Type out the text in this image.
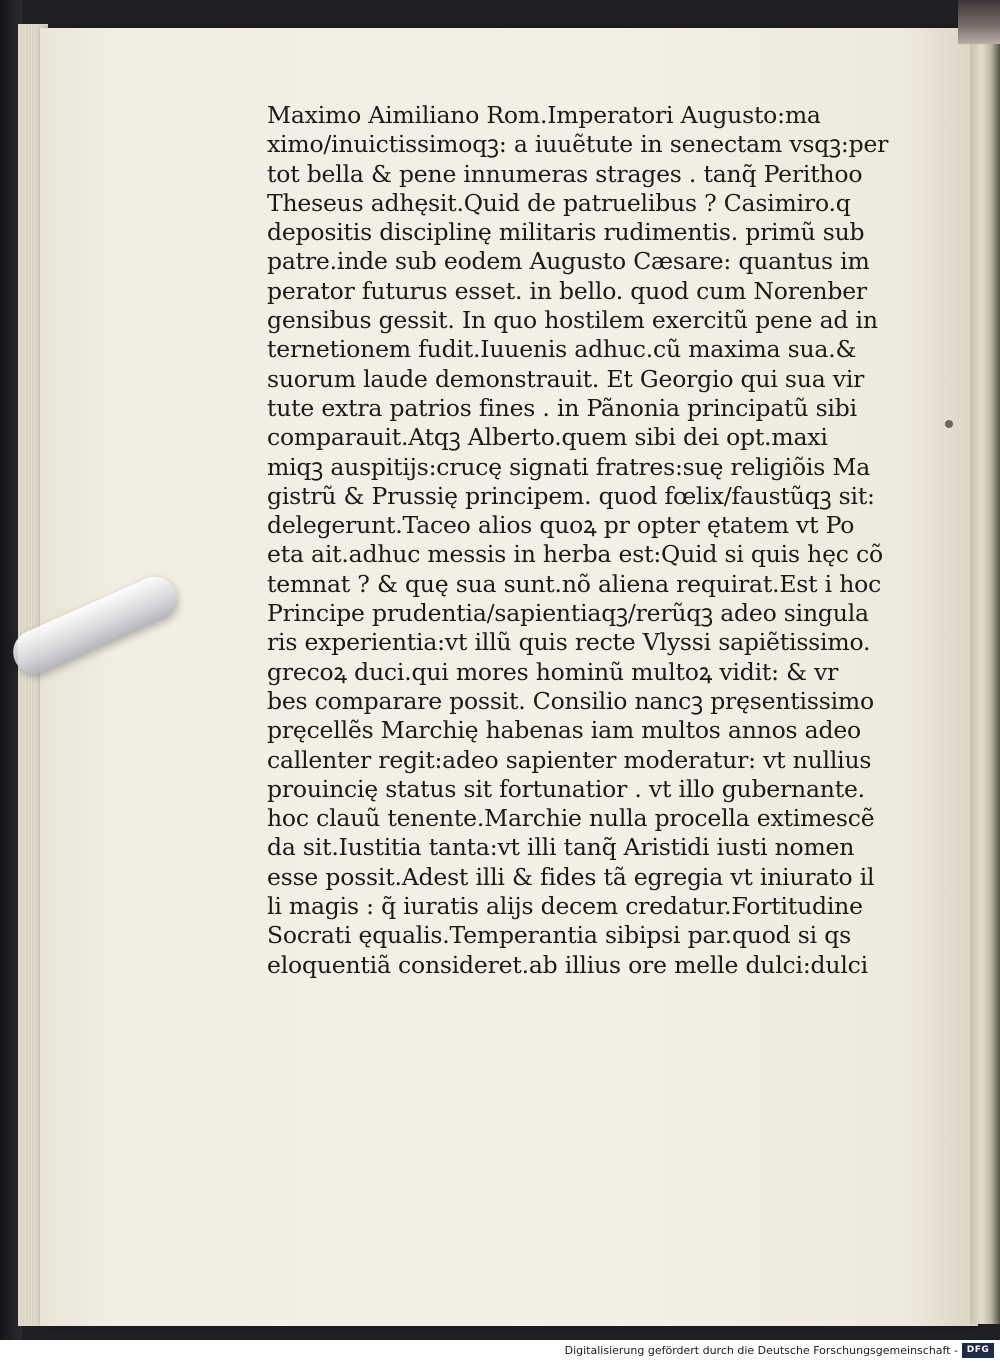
Maximo Aimiliano Rom.Imperatori Augusto:ma
ximo/inuictissimoqꝫ: a iuuẽtute in senectam vsqꝫ:per
tot bella & pene innumeras strages . tanq̃ Perithoo
Theseus adhęsit.Quid de patruelibus ? Casimiro.q
depositis disciplinę militaris rudimentis. primũ sub
patre.inde sub eodem Augusto Cæsare: quantus im
perator futurus esset. in bello. quod cum Norenber
gensibus gessit. In quo hostilem exercitũ pene ad in
ternetionem fudit.Iuuenis adhuc.cũ maxima sua.&
suorum laude demonstrauit. Et Georgio qui sua vir
tute extra patrios fines . in Pãnonia principatũ sibi
comparauit.Atqꝫ Alberto.quem sibi dei opt.maxi
miqꝫ auspitijs:crucę signati fratres:suę religiõis Ma
gistrũ & Prussię principem. quod fœlix/faustũqꝫ sit:
delegerunt.Taceo alios quoꝝ pr opter ętatem vt Po
eta ait.adhuc messis in herba est:Quid si quis hęc cõ
temnat ? & quę sua sunt.nõ aliena requirat.Est i hoc
Principe prudentia/sapientiaqꝫ/rerũqꝫ adeo singula
ris experientia:vt illũ quis recte Vlyssi sapiẽtissimo.
grecoꝝ duci.qui mores hominũ multoꝝ vidit: & vr
bes comparare possit. Consilio nancꝫ pręsentissimo
pręcellẽs Marchię habenas iam multos annos adeo
callenter regit:adeo sapienter moderatur: vt nullius
prouincię status sit fortunatior . vt illo gubernante.
hoc clauũ tenente.Marchie nulla procella extimescẽ
da sit.Iustitia tanta:vt illi tanq̃ Aristidi iusti nomen
esse possit.Adest illi & fides tã egregia vt iniurato il
li magis : q̃ iuratis alijs decem credatur.Fortitudine
Socrati ęqualis.Temperantia sibipsi par.quod si qs
eloquentiã consideret.ab illius ore melle dulci:dulci
Digitalisierung gefördert durch die Deutsche Forschungsgemeinschaft - DFG
